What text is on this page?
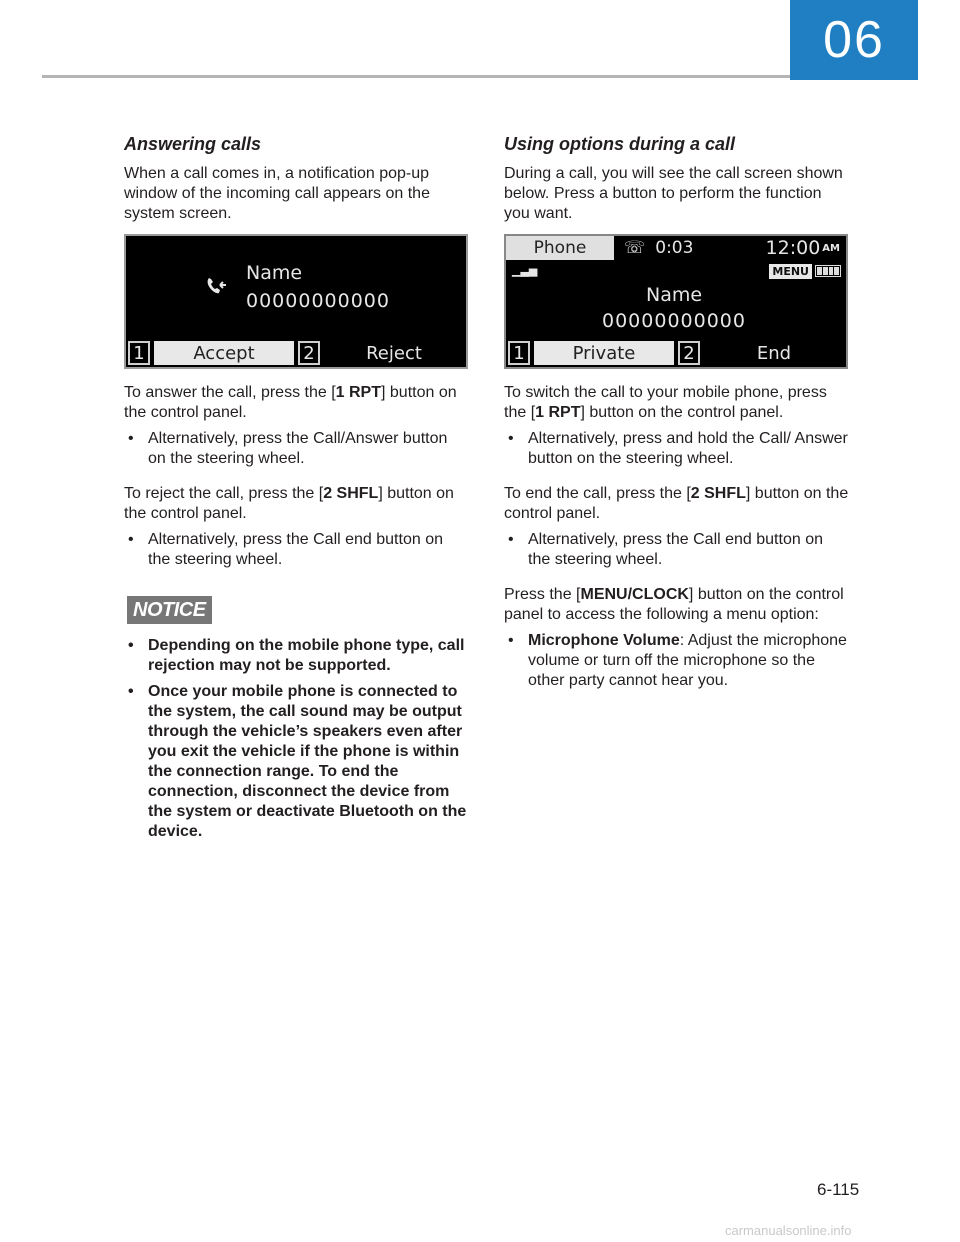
06
Answering calls

When a call comes in, a notification pop-up window of the incoming call appears on the system screen.

Name
00000000000
1	Accept	2	Reject

To answer the call, press the [1 RPT] button on the control panel.

• Alternatively, press the Call/Answer button on the steering wheel.

To reject the call, press the [2 SHFL] button on the control panel.

• Alternatively, press the Call end button on the steering wheel.
NOTICE
• Depending on the mobile phone type, call rejection may not be supported.
• Once your mobile phone is connected to the system, the call sound may be output through the vehicle’s speakers even after you exit the vehicle if the phone is within the connection range. To end the connection, disconnect the device from the system or deactivate Bluetooth on the device.
Using options during a call

During a call, you will see the call screen shown below. Press a button to perform the function you want.

Phone	☏ 0:03	12:00 AM
▁▃▅	MENU
Name
00000000000
1	Private	2	End

To switch the call to your mobile phone, press the [1 RPT] button on the control panel.

• Alternatively, press and hold the Call/ Answer button on the steering wheel.

To end the call, press the [2 SHFL] button on the control panel.

• Alternatively, press the Call end button on the steering wheel.

Press the [MENU/CLOCK] button on the control panel to access the following a menu option:

• Microphone Volume: Adjust the microphone volume or turn off the microphone so the other party cannot hear you.
6-115
carmanualsonline.info
